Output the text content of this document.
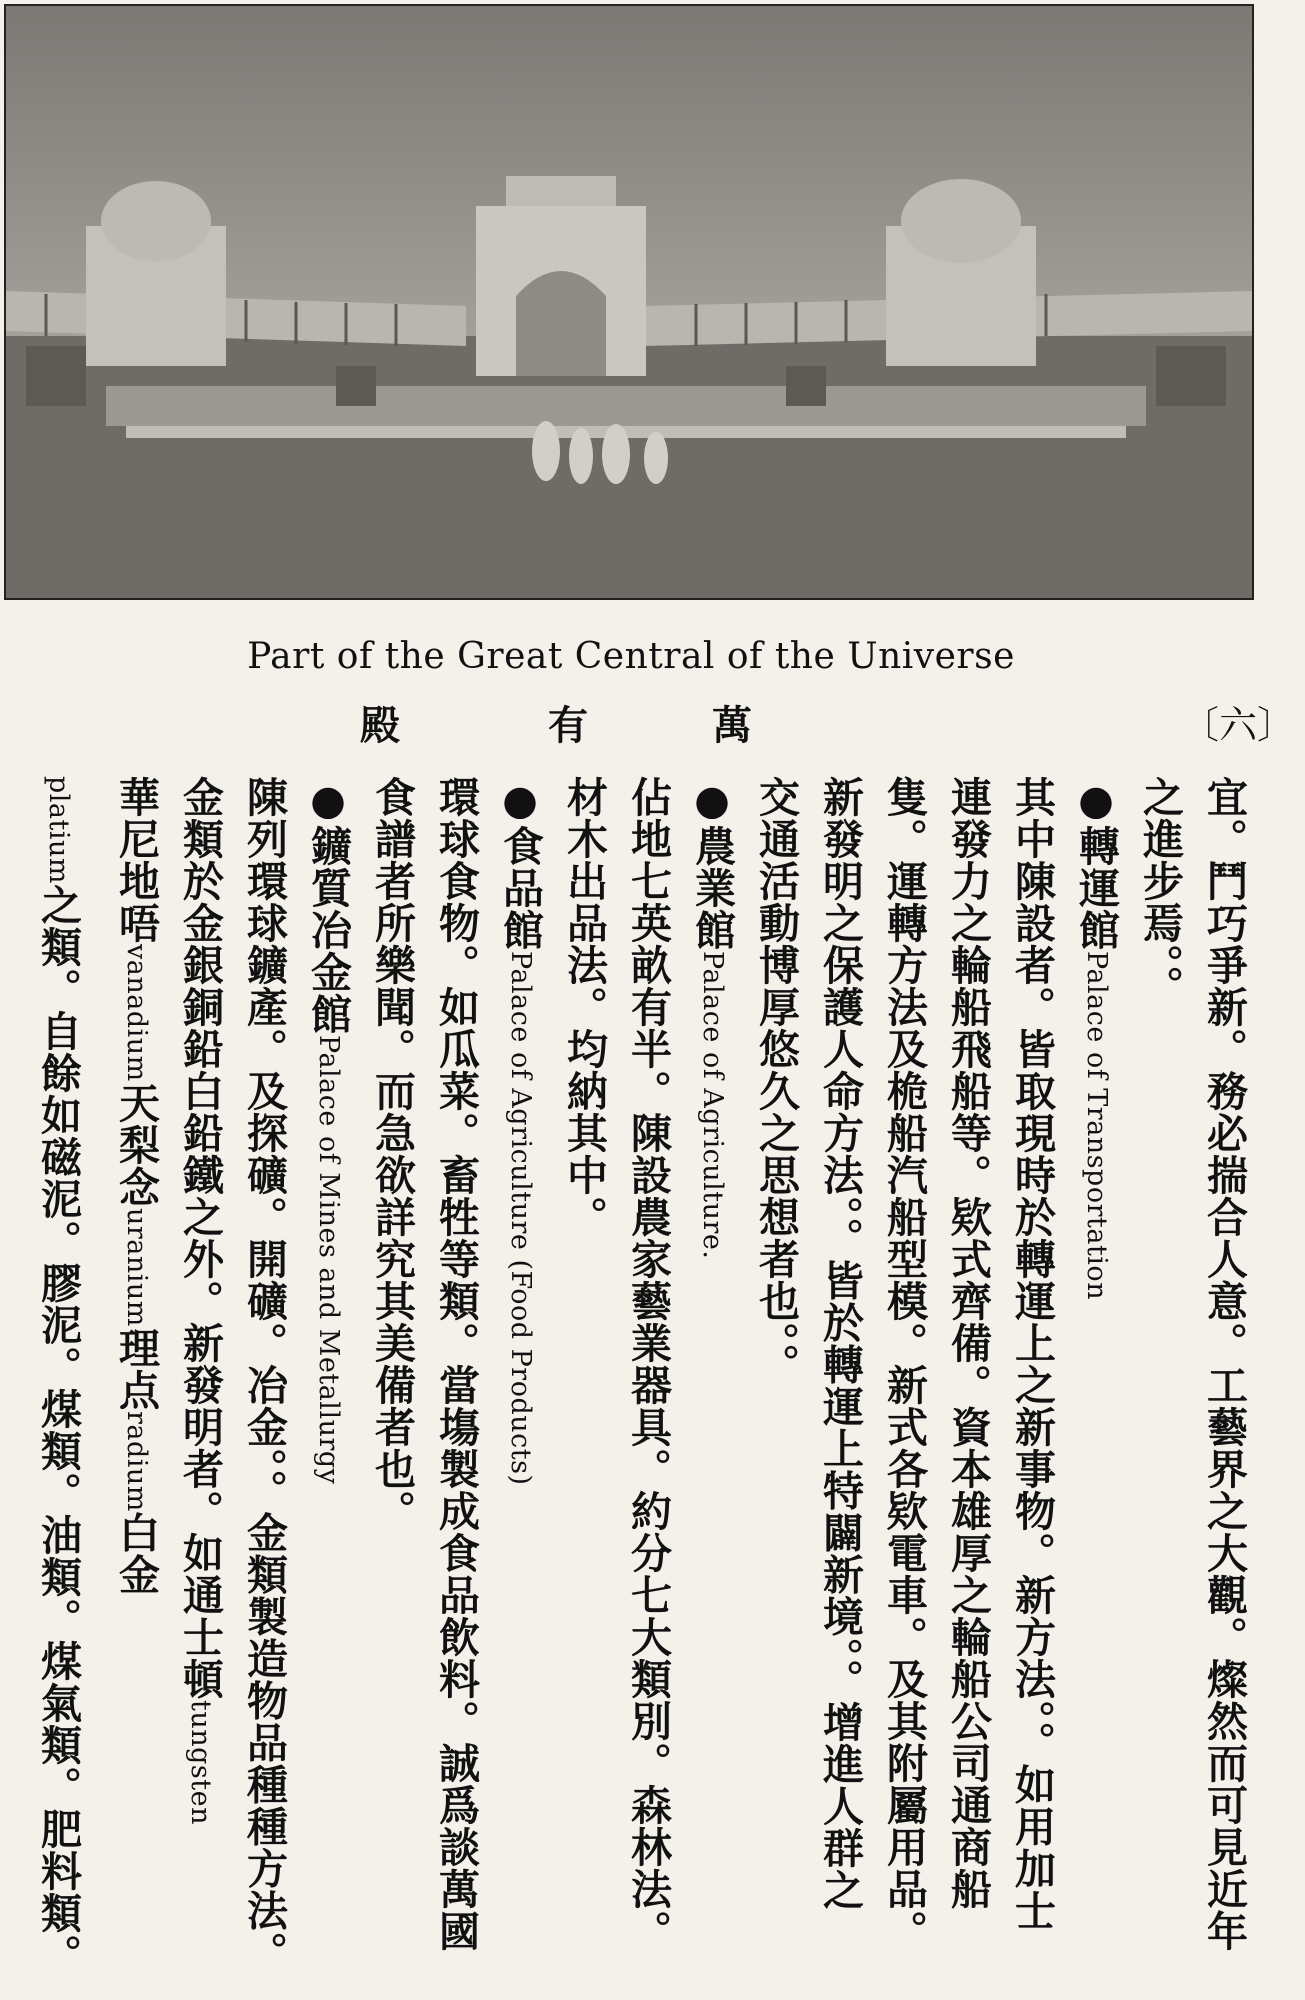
Part of the Great Central of the Universe
殿	有	萬	〔六〕
宜。鬥巧爭新。務必揣合人意。工藝界之大觀。燦然而可見近年
之進步焉。。
●轉運館Palace of Transportation
其中陳設者。皆取現時於轉運上之新事物。新方法。。如用加士
連發力之輪船飛船等。欵式齊備。資本雄厚之輪船公司通商船
隻。運轉方法及桅船汽船型模。新式各欵電車。及其附屬用品。
新發明之保護人命方法。。皆於轉運上特闢新境。。增進人群之
交通活動博厚悠久之思想者也。。
●農業館Palace of Agriculture.
佔地七英畝有半。陳設農家藝業器具。約分七大類別。森林法。
材木出品法。均納其中。
●食品館Palace of Agriculture (Food Products)
環球食物。如瓜菜。畜牲等類。當塲製成食品飲料。誠爲談萬國
食譜者所樂聞。而急欲詳究其美備者也。
●鑛質冶金館Palace of Mines and Metallurgy
陳列環球鑛產。及探礦。開礦。冶金。。金類製造物品種種方法。
金類於金銀銅鉛白鉛鐵之外。新發明者。如通士頓tungsten
華尼地唔vanadium天梨念uranium理点radium白金
platium之類。自餘如磁泥。膠泥。煤類。油類。煤氣類。肥料類。
